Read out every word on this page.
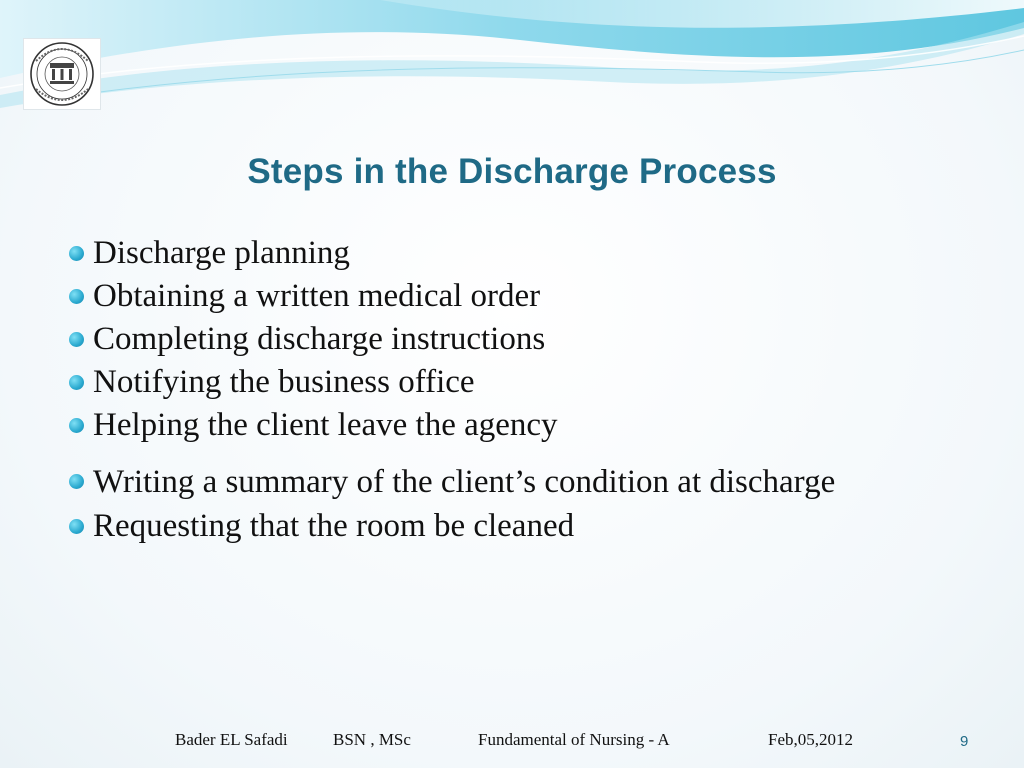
Steps in the Discharge Process
Discharge planning
Obtaining a written medical order
Completing discharge instructions
Notifying the business office
Helping the client leave the agency
Writing a summary of the client’s condition at discharge
Requesting that the room be cleaned
Bader EL Safadi	BSN , MSc	Fundamental of Nursing - A	Feb,05,2012	9
